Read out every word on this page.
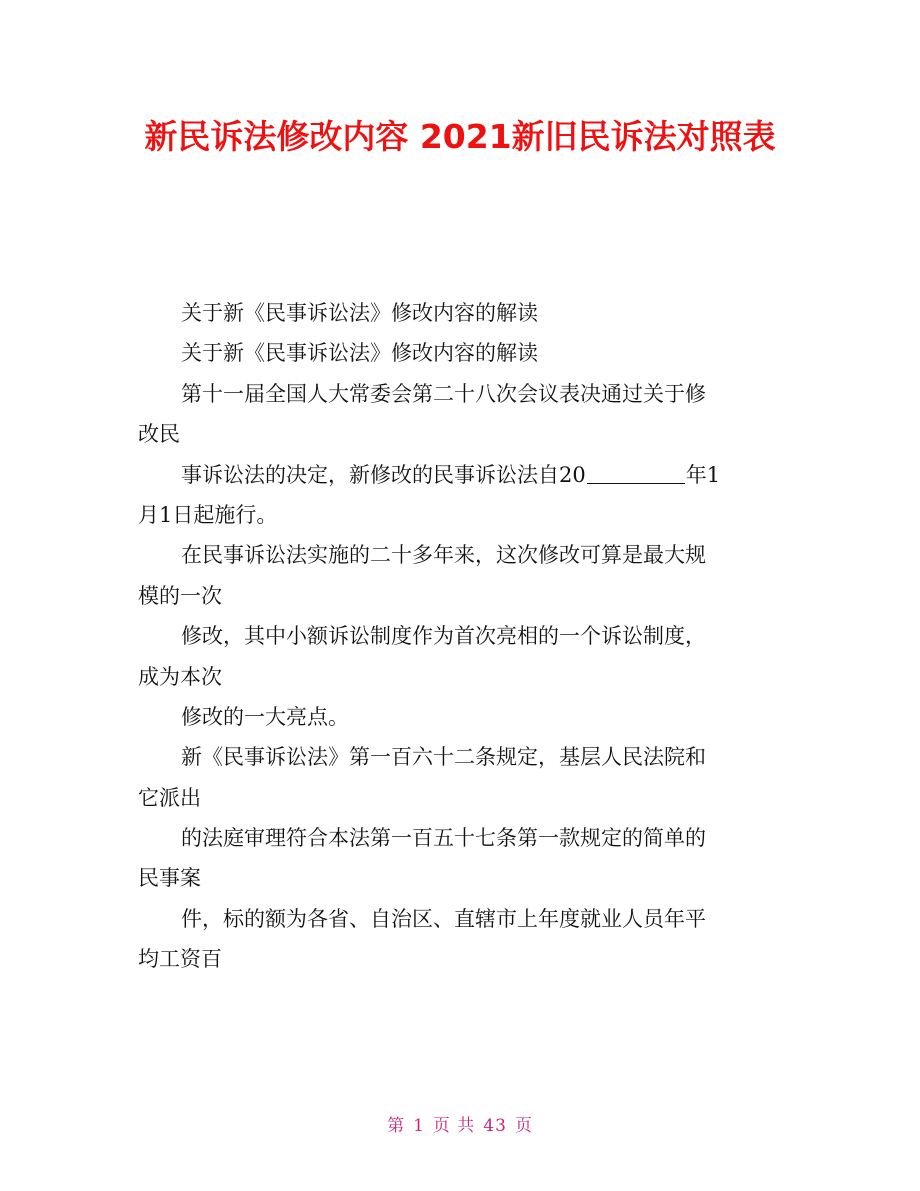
新民诉法修改内容 2021新旧民诉法对照表

关于新《民事诉讼法》修改内容的解读

关于新《民事诉讼法》修改内容的解读

第十一届全国人大常委会第二十八次会议表决通过关于修

改民

事诉讼法的决定，新修改的民事诉讼法自20	年1

月1日起施行。

在民事诉讼法实施的二十多年来，这次修改可算是最大规

模的一次

修改，其中小额诉讼制度作为首次亮相的一个诉讼制度，

成为本次

修改的一大亮点。

新《民事诉讼法》第一百六十二条规定，基层人民法院和

它派出

的法庭审理符合本法第一百五十七条第一款规定的简单的

民事案

件，标的额为各省、自治区、直辖市上年度就业人员年平

均工资百

第 1 页 共 43 页
